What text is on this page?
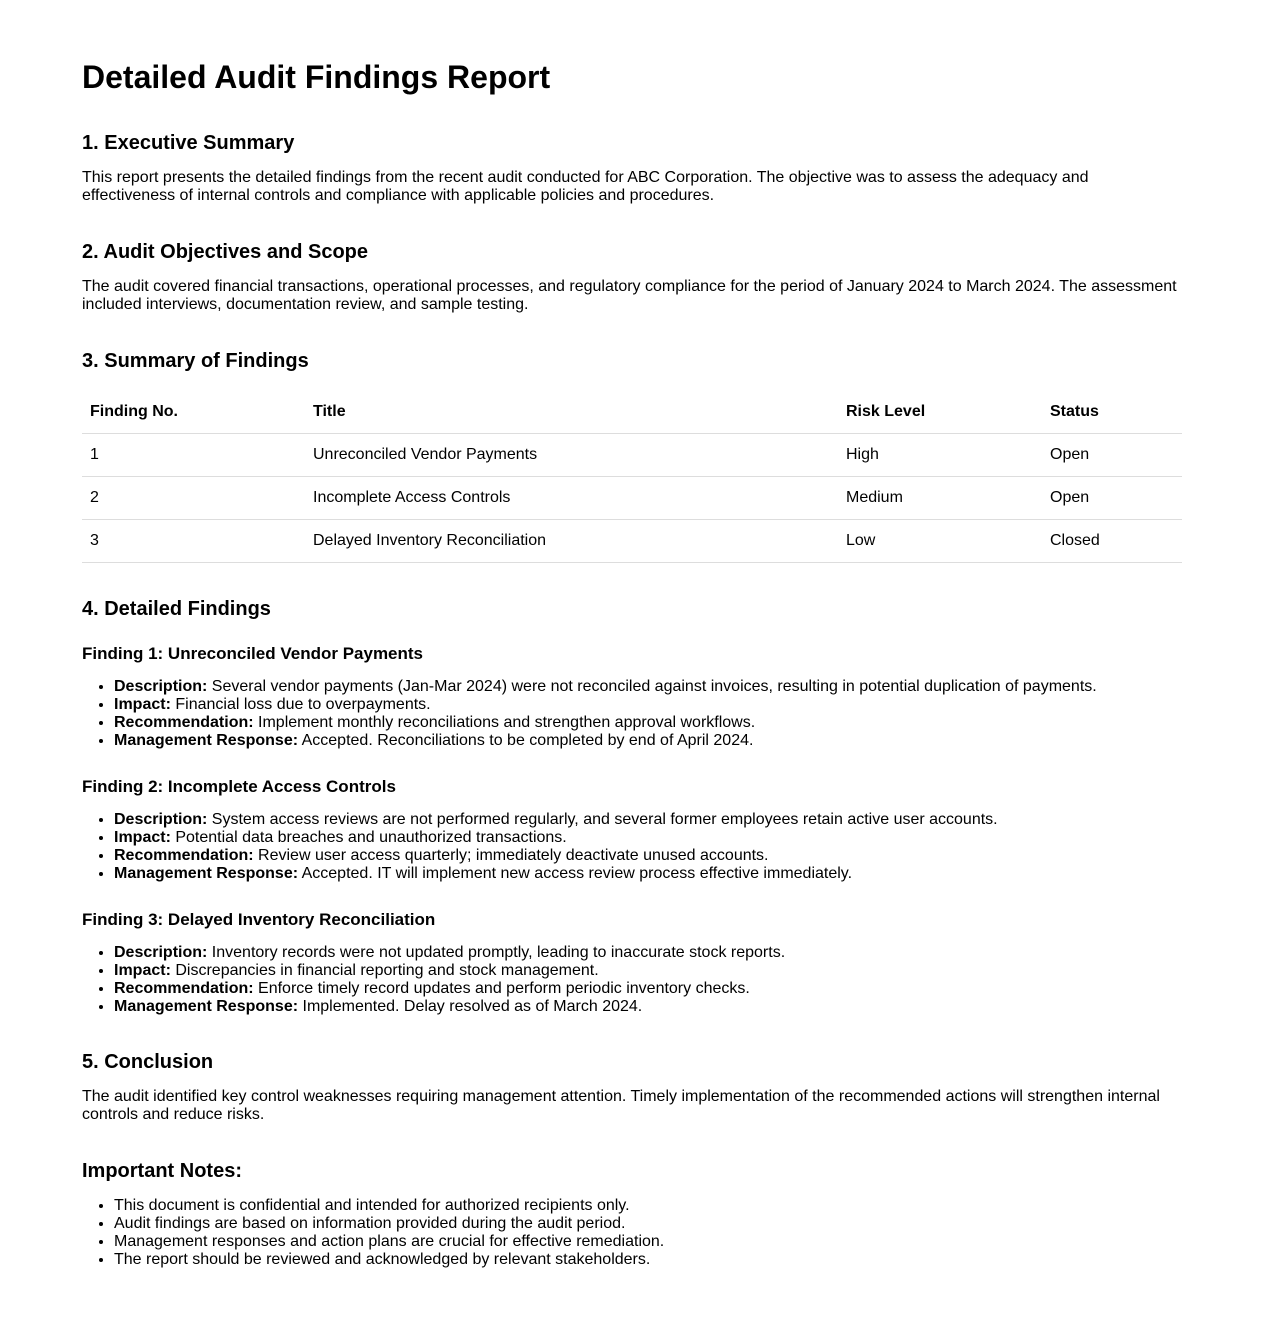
Detailed Audit Findings Report
1. Executive Summary

This report presents the detailed findings from the recent audit conducted for ABC Corporation. The objective was to assess the adequacy and effectiveness of internal controls and compliance with applicable policies and procedures.

2. Audit Objectives and Scope

The audit covered financial transactions, operational processes, and regulatory compliance for the period of January 2024 to March 2024. The assessment included interviews, documentation review, and sample testing.

3. Summary of Findings
Finding No.	Title	Risk Level	Status
1	Unreconciled Vendor Payments	High	Open
2	Incomplete Access Controls	Medium	Open
3	Delayed Inventory Reconciliation	Low	Closed
4. Detailed Findings
Finding 1: Unreconciled Vendor Payments
• Description: Several vendor payments (Jan-Mar 2024) were not reconciled against invoices, resulting in potential duplication of payments.
• Impact: Financial loss due to overpayments.
• Recommendation: Implement monthly reconciliations and strengthen approval workflows.
• Management Response: Accepted. Reconciliations to be completed by end of April 2024.
Finding 2: Incomplete Access Controls
• Description: System access reviews are not performed regularly, and several former employees retain active user accounts.
• Impact: Potential data breaches and unauthorized transactions.
• Recommendation: Review user access quarterly; immediately deactivate unused accounts.
• Management Response: Accepted. IT will implement new access review process effective immediately.
Finding 3: Delayed Inventory Reconciliation
• Description: Inventory records were not updated promptly, leading to inaccurate stock reports.
• Impact: Discrepancies in financial reporting and stock management.
• Recommendation: Enforce timely record updates and perform periodic inventory checks.
• Management Response: Implemented. Delay resolved as of March 2024.
5. Conclusion

The audit identified key control weaknesses requiring management attention. Timely implementation of the recommended actions will strengthen internal controls and reduce risks.

Important Notes:
• This document is confidential and intended for authorized recipients only.
• Audit findings are based on information provided during the audit period.
• Management responses and action plans are crucial for effective remediation.
• The report should be reviewed and acknowledged by relevant stakeholders.
